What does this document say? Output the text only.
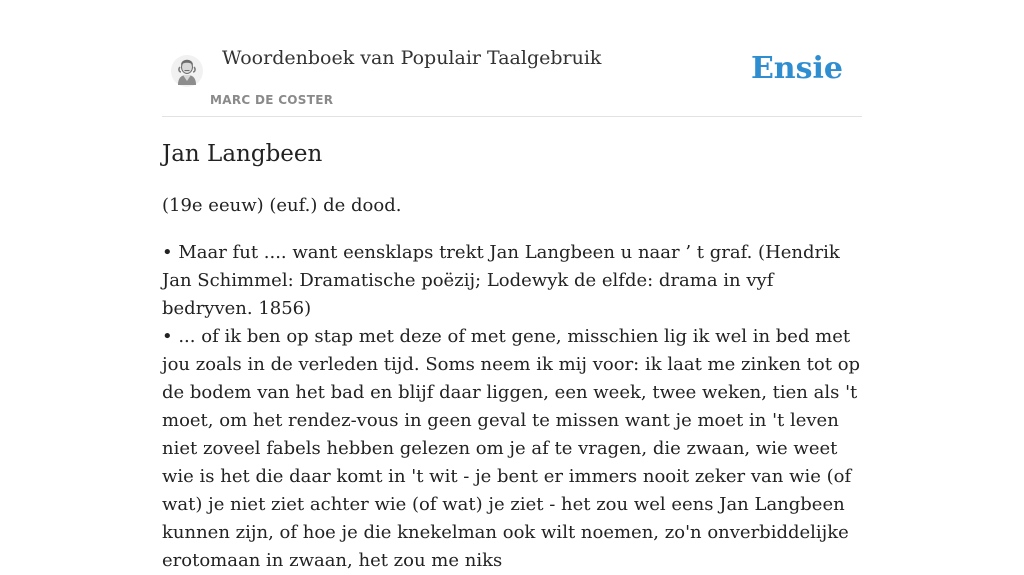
Woordenboek van Populair Taalgebruik
MARC DE COSTER
Ensie
Jan Langbeen

(19e eeuw) (euf.) de dood.

• Maar fut .... want eensklaps trekt Jan Langbeen u naar ’ t graf. (Hendrik Jan Schimmel: Dramatische poëzij; Lodewyk de elfde: drama in vyf bedryven. 1856)
• ... of ik ben op stap met deze of met gene, misschien lig ik wel in bed met jou zoals in de verleden tijd. Soms neem ik mij voor: ik laat me zinken tot op de bodem van het bad en blijf daar liggen, een week, twee weken, tien als 't moet, om het rendez-vous in geen geval te missen want je moet in 't leven niet zoveel fabels hebben gelezen om je af te vragen, die zwaan, wie weet wie is het die daar komt in 't wit - je bent er immers nooit zeker van wie (of wat) je niet ziet achter wie (of wat) je ziet - het zou wel eens Jan Langbeen kunnen zijn, of hoe je die knekelman ook wilt noemen, zo'n onverbiddelijke erotomaan in zwaan, het zou me niks
